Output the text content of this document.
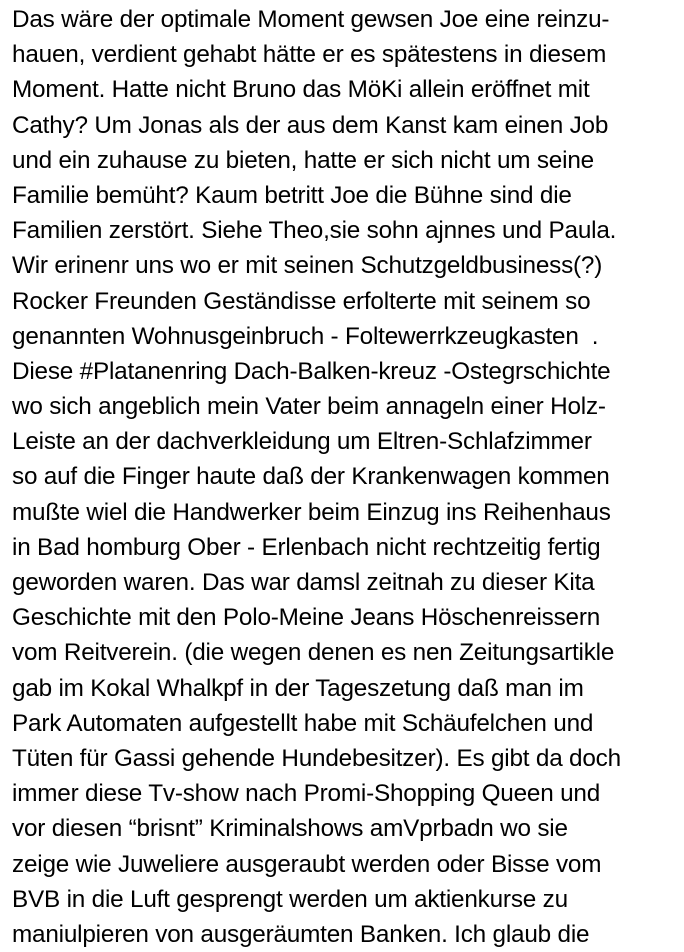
Das wäre der optimale Moment gewsen Joe eine reinzu-
hauen, verdient gehabt hätte er es spätestens in diesem
Moment. Hatte nicht Bruno das MöKi allein eröffnet mit
Cathy? Um Jonas als der aus dem Kanst kam einen Job
und ein zuhause zu bieten, hatte er sich nicht um seine
Familie bemüht? Kaum betritt Joe die Bühne sind die
Familien zerstört. Siehe Theo,sie sohn ajnnes und Paula.
Wir erinenr uns wo er mit seinen Schutzgeldbusiness(?)
Rocker Freunden Geständisse erfolterte mit seinem so
genannten Wohnusgeinbruch - Foltewerrkzeugkasten  .
Diese #Platanenring Dach-Balken-kreuz -Ostegrschichte
wo sich angeblich mein Vater beim annageln einer Holz-
Leiste an der dachverkleidung um Eltren-Schlafzimmer
so auf die Finger haute daß der Krankenwagen kommen
mußte wiel die Handwerker beim Einzug ins Reihenhaus
in Bad homburg Ober - Erlenbach nicht rechtzeitig fertig
geworden waren. Das war damsl zeitnah zu dieser Kita
Geschichte mit den Polo-Meine Jeans Höschenreissern
vom Reitverein. (die wegen denen es nen Zeitungsartikle
gab im Kokal Whalkpf in der Tageszetung daß man im
Park Automaten aufgestellt habe mit Schäufelchen und
Tüten für Gassi gehende Hundebesitzer). Es gibt da doch
immer diese Tv-show nach Promi-Shopping Queen und
vor diesen “brisnt” Kriminalshows amVprbadn wo sie
zeige wie Juweliere ausgeraubt werden oder Bisse vom
BVB in die Luft gesprengt werden um aktienkurse zu
maniulpieren von ausgeräumten Banken. Ich glaub die
